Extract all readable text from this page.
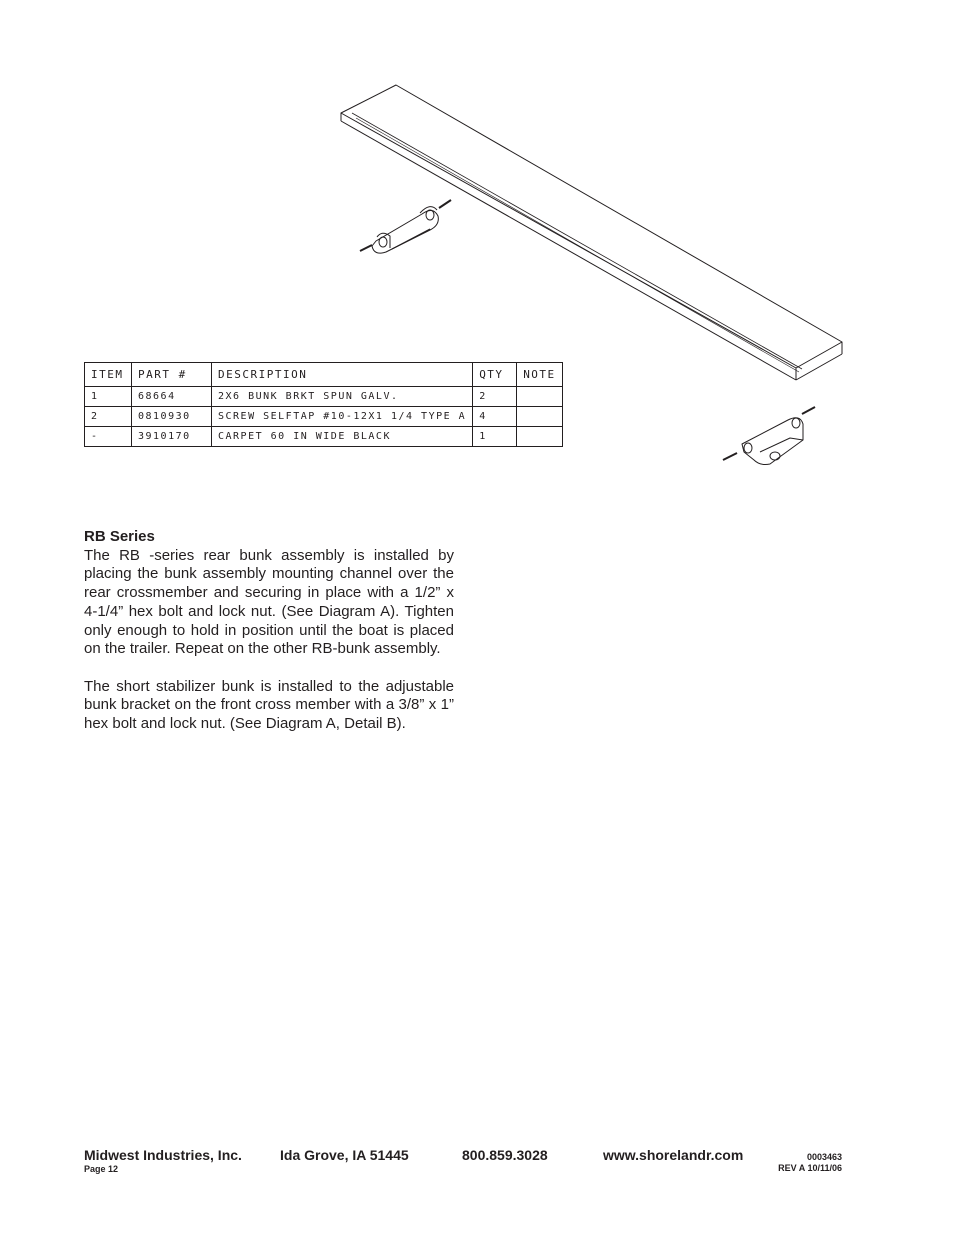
ITEM	PART #	DESCRIPTION	QTY	NOTE
1	68664	2X6 BUNK BRKT SPUN GALV.	2	
2	0810930	SCREW SELFTAP #10-12X1 1/4 TYPE A	4	
-	3910170	CARPET 60 IN WIDE BLACK	1	
RB Series

The RB -series rear bunk assembly is installed by placing the bunk assembly mounting channel over the rear crossmember and securing in place with a 1/2” x 4-1/4” hex bolt and lock nut. (See Diagram A). Tighten only enough to hold in position until the boat is placed on the trailer. Repeat on the other RB-bunk assembly.

The short stabilizer bunk is installed to the adjustable bunk bracket on the front cross member with a 3/8” x 1” hex bolt and lock nut. (See Diagram A, Detail B).

Midwest Industries, Inc.	Ida Grove, IA 51445	800.859.3028	www.shorelandr.com
Page 12
0003463
REV A 10/11/06
